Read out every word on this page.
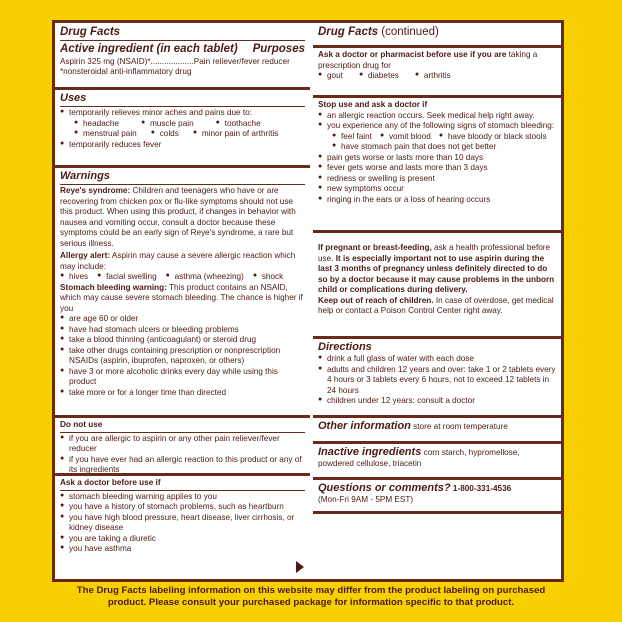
Drug Facts
Active ingredient (in each tablet) Purposes
Aspirin 325 mg (NSAID)*...................Pain reliever/fever reducer
*nonsteroidal anti-inflammatory drug
Uses
● temporarily relieves minor aches and pains due to:
● headache	● muscle pain	● toothache
● menstrual pain	● colds	● minor pain of arthritis
● temporarily reduces fever
Warnings
Reye's syndrome: Children and teenagers who have or are recovering from chicken pox or flu-like symptoms should not use this product. When using this product, if changes in behavior with nausea and vomiting occur, consult a doctor because these symptoms could be an early sign of Reye's syndrome, a rare but serious illness.
Allergy alert: Aspirin may cause a severe allergic reaction which may include:
● hives	● facial swelling	● asthma (wheezing)	● shock
Stomach bleeding warning: This product contains an NSAID, which may cause severe stomach bleeding. The chance is higher if you
● are age 60 or older
● have had stomach ulcers or bleeding problems
● take a blood thinning (anticoagulant) or steroid drug
● take other drugs containing prescription or nonprescription NSAIDs (aspirin, ibuprofen, naproxen, or others)
● have 3 or more alcoholic drinks every day while using this product
● take more or for a longer time than directed
Do not use
● if you are allergic to aspirin or any other pain reliever/fever reducer
● if you have ever had an allergic reaction to this product or any of its ingredients
Ask a doctor before use if
● stomach bleeding warning applies to you
● you have a history of stomach problems, such as heartburn
● you have high blood pressure, heart disease, liver cirrhosis, or kidney disease
● you are taking a diuretic
● you have asthma
Drug Facts (continued)
Ask a doctor or pharmacist before use if you are taking a prescription drug for
● gout	● diabetes	● arthritis
Stop use and ask a doctor if
● an allergic reaction occurs. Seek medical help right away.
● you experience any of the following signs of stomach bleeding:
● feel faint	● vomit blood	● have bloody or black stools
● have stomach pain that does not get better
● pain gets worse or lasts more than 10 days
● fever gets worse and lasts more than 3 days
● redness or swelling is present
● new symptoms occur
● ringing in the ears or a loss of hearing occurs
If pregnant or breast-feeding, ask a health professional before use. It is especially important not to use aspirin during the last 3 months of pregnancy unless definitely directed to do so by a doctor because it may cause problems in the unborn child or complications during delivery.
Keep out of reach of children. In case of overdose, get medical help or contact a Poison Control Center right away.
Directions
● drink a full glass of water with each dose
● adults and children 12 years and over: take 1 or 2 tablets every 4 hours or 3 tablets every 6 hours, not to exceed 12 tablets in 24 hours
● children under 12 years: consult a doctor
Other information store at room temperature
Inactive ingredients corn starch, hypromellose, powdered cellulose, triacetin
Questions or comments? 1-800-331-4536
(Mon-Fri 9AM - 5PM EST)
The Drug Facts labeling information on this website may differ from the product labeling on purchased
product. Please consult your purchased package for information specific to that product.
